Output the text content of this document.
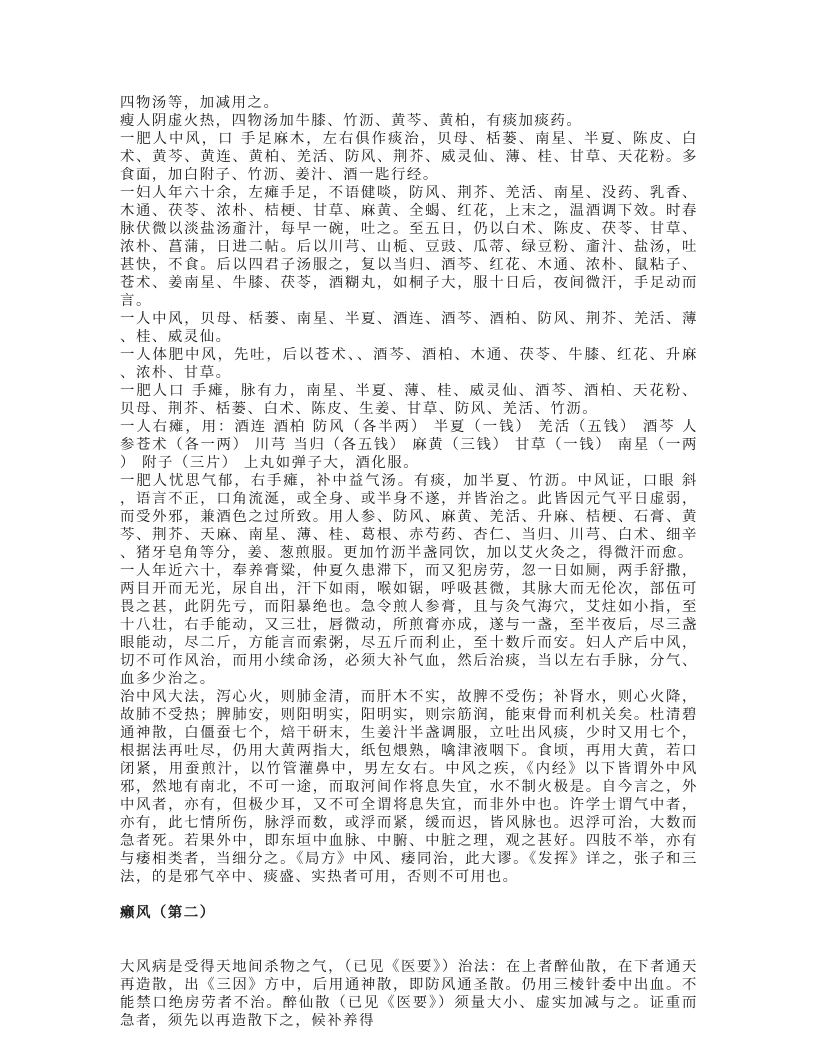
四物汤等，加减用之。

瘦人阴虚火热，四物汤加牛膝、竹沥、黄芩、黄柏，有痰加痰药。

一肥人中风，口 手足麻木，左右俱作痰治，贝母、栝蒌、南星、半夏、陈皮、白术、黄芩、黄连、黄柏、羌活、防风、荆芥、威灵仙、薄、桂、甘草、天花粉。多食面，加白附子、竹沥、姜汁、酒一匙行经。

一妇人年六十余，左瘫手足，不语健啖，防风、荆芥、羌活、南星、没药、乳香、木通、茯苓、浓朴、桔梗、甘草、麻黄、全蝎、红花，上末之，温酒调下效。时春脉伏微以淡盐汤齑汁，每早一碗，吐之。至五日，仍以白术、陈皮、茯苓、甘草、浓朴、菖蒲，日进二帖。后以川芎、山栀、豆豉、瓜蒂、绿豆粉、齑汁、盐汤，吐甚快，不食。后以四君子汤服之，复以当归、酒芩、红花、木通、浓朴、鼠粘子、苍术、姜南星、牛膝、茯苓，酒糊丸，如桐子大，服十日后，夜间微汗，手足动而言。

一人中风，贝母、栝蒌、南星、半夏、酒连、酒芩、酒柏、防风、荆芥、羌活、薄、桂、威灵仙。

一人体肥中风，先吐，后以苍术、、酒芩、酒柏、木通、茯苓、牛膝、红花、升麻、浓朴、甘草。

一肥人口 手瘫，脉有力，南星、半夏、薄、桂、威灵仙、酒芩、酒柏、天花粉、贝母、荆芥、栝蒌、白术、陈皮、生姜、甘草、防风、羌活、竹沥。

一人右瘫，用：酒连 酒柏 防风（各半两） 半夏（一钱） 羌活（五钱） 酒芩 人参苍术（各一两） 川芎 当归（各五钱） 麻黄（三钱） 甘草（一钱） 南星（一两） 附子（三片） 上丸如弹子大，酒化服。

一肥人忧思气郁，右手瘫，补中益气汤。有痰，加半夏、竹沥。中风证，口眼 斜，语言不正，口角流涎，或全身、或半身不遂，并皆治之。此皆因元气平日虚弱，而受外邪，兼酒色之过所致。用人参、防风、麻黄、羌活、升麻、桔梗、石膏、黄芩、荆芥、天麻、南星、薄、桂、葛根、赤芍药、杏仁、当归、川芎、白术、细辛、猪牙皂角等分，姜、葱煎服。更加竹沥半盏同饮，加以艾火灸之，得微汗而愈。

一人年近六十，奉养膏粱，仲夏久患滞下，而又犯房劳，忽一日如厕，两手舒撒，两目开而无光，尿自出，汗下如雨，喉如锯，呼吸甚微，其脉大而无伦次，部伍可畏之甚，此阴先亏，而阳暴绝也。急令煎人参膏，且与灸气海穴，艾炷如小指，至十八壮，右手能动，又三壮，唇微动，所煎膏亦成，遂与一盏，至半夜后，尽三盏眼能动，尽二斤，方能言而索粥，尽五斤而利止，至十数斤而安。妇人产后中风，切不可作风治，而用小续命汤，必须大补气血，然后治痰，当以左右手脉，分气、血多少治之。

治中风大法，泻心火，则肺金清，而肝木不实，故脾不受伤；补肾水，则心火降，故肺不受热；脾肺安，则阳明实，阳明实，则宗筋润，能束骨而利机关矣。杜清碧通神散，白僵蚕七个，焙干研末，生姜汁半盏调服，立吐出风痰，少时又用七个，根据法再吐尽，仍用大黄两指大，纸包煨熟，噙津液咽下。食顷，再用大黄，若口闭紧，用蚕煎汁，以竹管灌鼻中，男左女右。中风之疾，《内经》以下皆谓外中风邪，然地有南北，不可一途，而取河间作将息失宜，水不制火极是。自今言之，外中风者，亦有，但极少耳，又不可全谓将息失宜，而非外中也。许学士谓气中者，亦有，此七情所伤，脉浮而数，或浮而紧，缓而迟，皆风脉也。迟浮可治，大数而急者死。若果外中，即东垣中血脉、中腑、中脏之理，观之甚好。四肢不举，亦有与痿相类者，当细分之。《局方》中风、痿同治，此大谬。《发挥》详之，张子和三法，的是邪气卒中、痰盛、实热者可用，否则不可用也。

癞风（第二）

大风病是受得天地间杀物之气，（已见《医要》）治法：在上者醉仙散，在下者通天再造散，出《三因》方中，后用通神散，即防风通圣散。仍用三棱针委中出血。不能禁口绝房劳者不治。醉仙散（已见《医要》）须量大小、虚实加减与之。证重而急者，须先以再造散下之，候补养得
